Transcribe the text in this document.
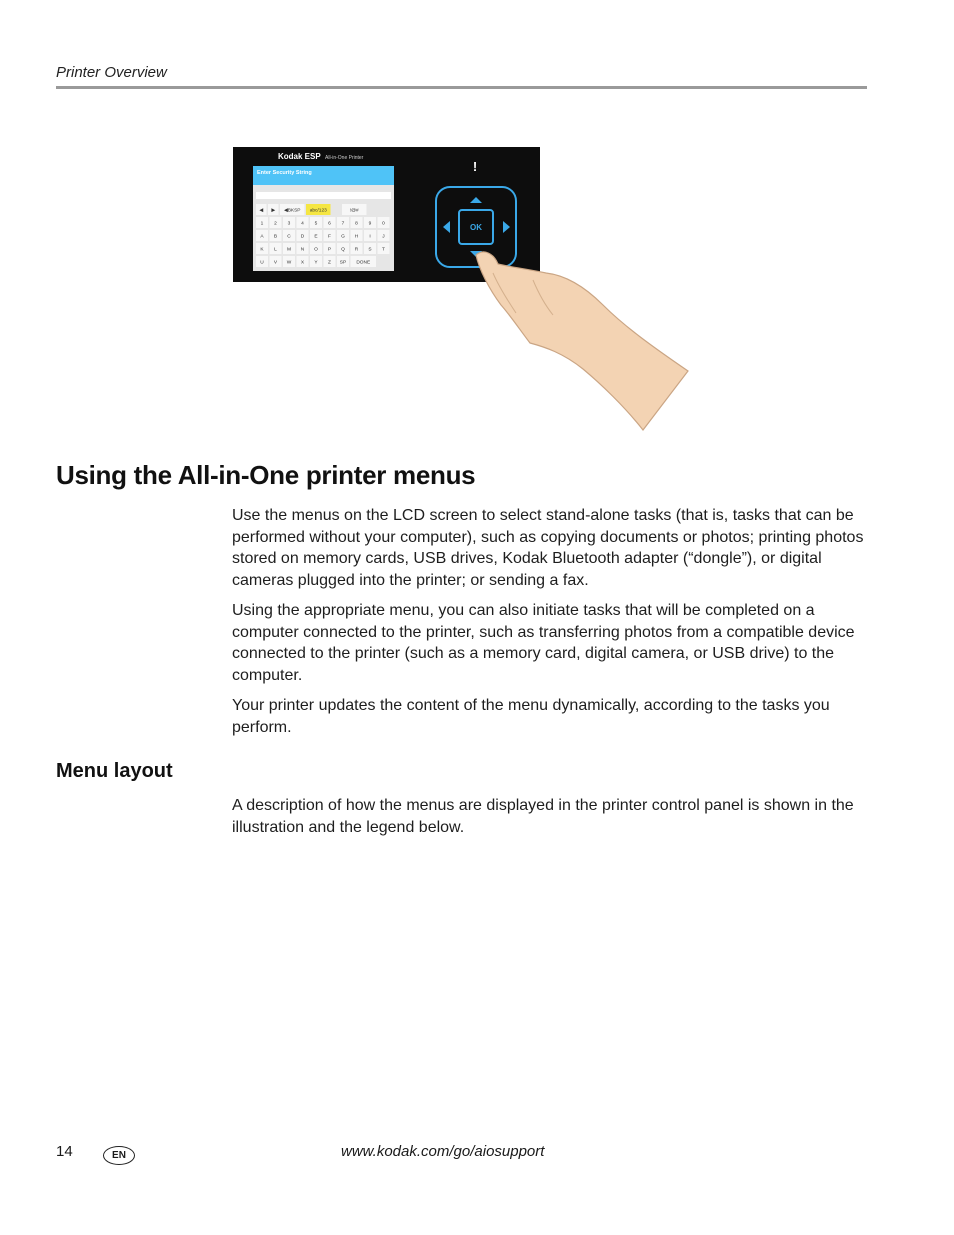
Printer Overview
Kodak ESP All-in-One Printer
Enter Security String
◀ ▶ ◀BKSP abc/123	!@#
1 2 3 4 5 6 7 8 9 0
A B C D E F G H I J
K L M N O P Q R S T
U V W X Y Z SP DONE
!
OK
Using the All-in-One printer menus

Use the menus on the LCD screen to select stand-alone tasks (that is, tasks that can be performed without your computer), such as copying documents or photos; printing photos stored on memory cards, USB drives, Kodak Bluetooth adapter (“dongle”), or digital cameras plugged into the printer; or sending a fax.

Using the appropriate menu, you can also initiate tasks that will be completed on a computer connected to the printer, such as transferring photos from a compatible device connected to the printer (such as a memory card, digital camera, or USB drive) to the computer.

Your printer updates the content of the menu dynamically, according to the tasks you perform.

Menu layout

A description of how the menus are displayed in the printer control panel is shown in the illustration and the legend below.

14	EN	www.kodak.com/go/aiosupport
